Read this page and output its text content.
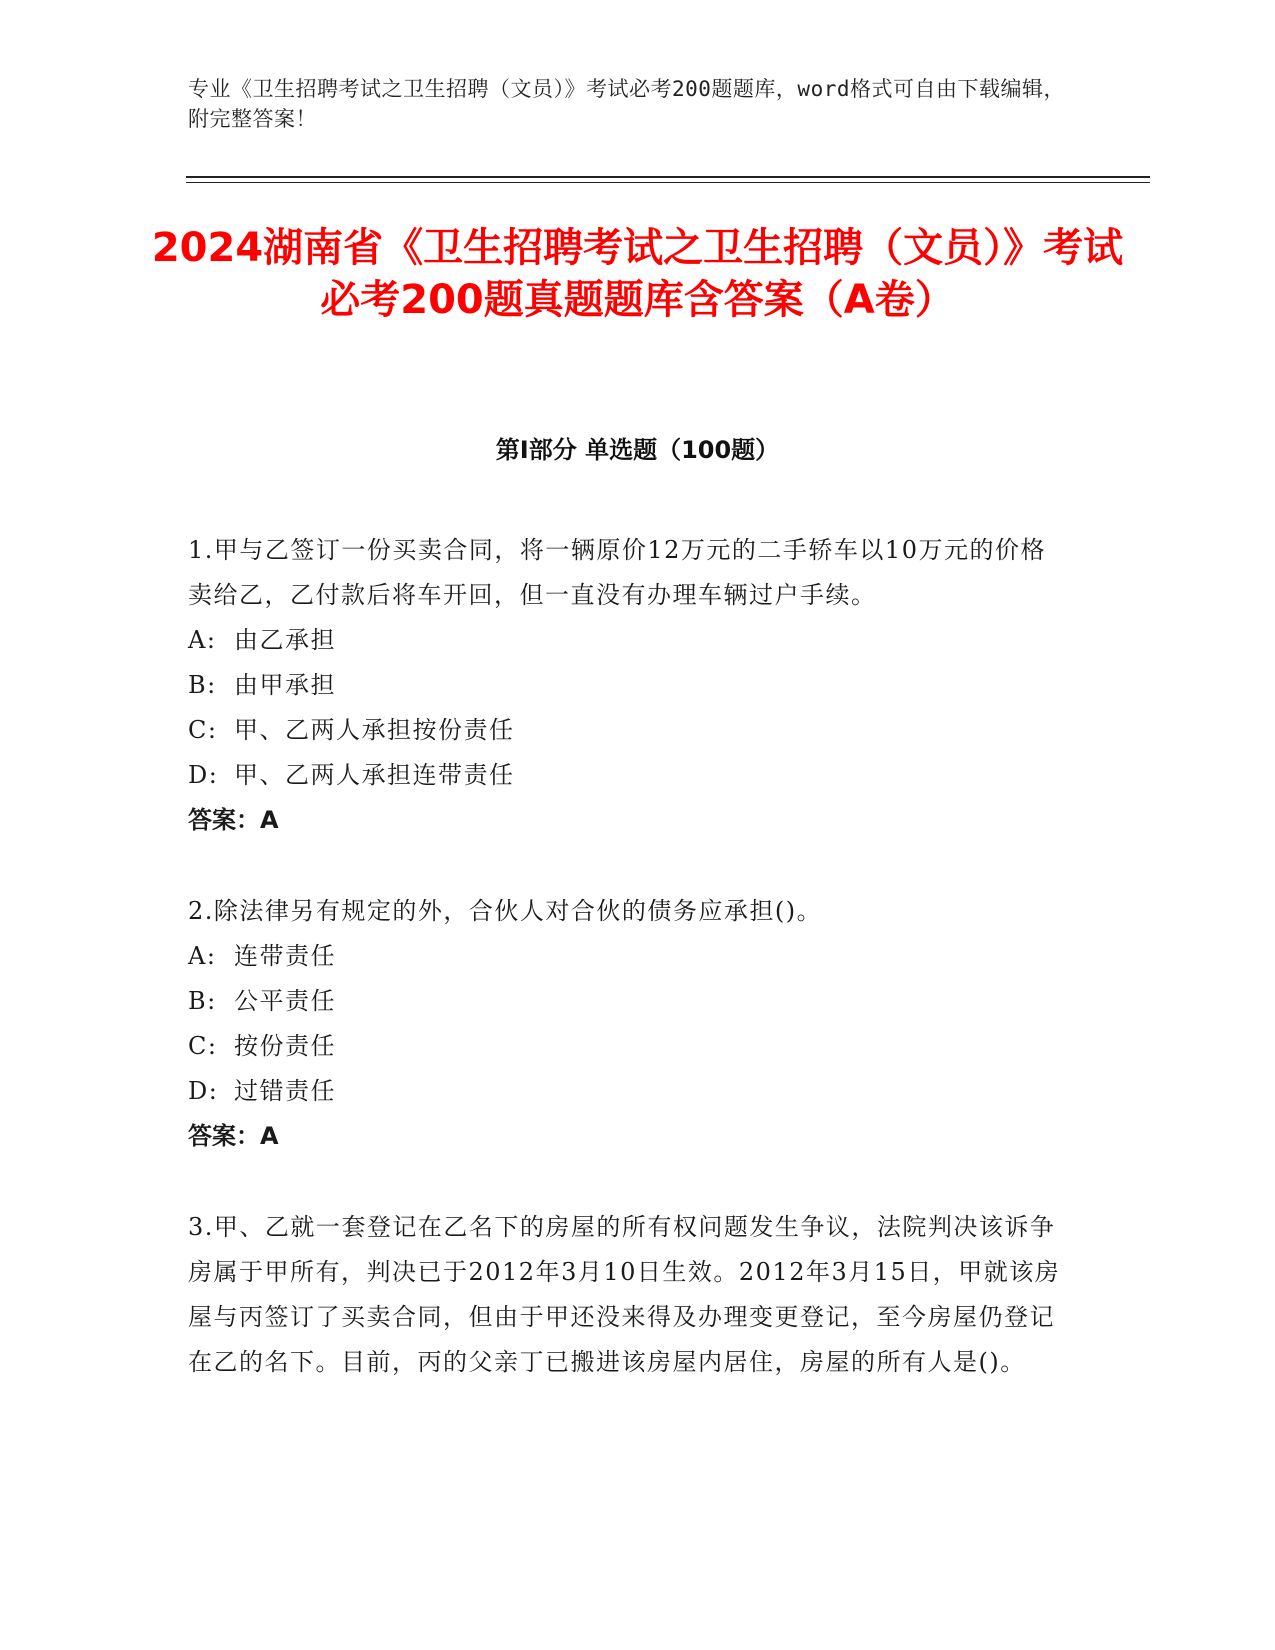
专业《卫生招聘考试之卫生招聘（文员）》考试必考200题题库，word格式可自由下载编辑，附完整答案！
2024湖南省《卫生招聘考试之卫生招聘（文员）》考试必考200题真题题库含答案（A卷）
第I部分 单选题（100题）
1.甲与乙签订一份买卖合同，将一辆原价12万元的二手轿车以10万元的价格卖给乙，乙付款后将车开回，但一直没有办理车辆过户手续。
A: 由乙承担
B: 由甲承担
C: 甲、乙两人承担按份责任
D: 甲、乙两人承担连带责任
答案：A
2.除法律另有规定的外，合伙人对合伙的债务应承担()。
A: 连带责任
B: 公平责任
C: 按份责任
D: 过错责任
答案：A
3.甲、乙就一套登记在乙名下的房屋的所有权问题发生争议，法院判决该诉争房属于甲所有，判决已于2012年3月10日生效。2012年3月15日，甲就该房屋与丙签订了买卖合同，但由于甲还没来得及办理变更登记，至今房屋仍登记在乙的名下。目前，丙的父亲丁已搬进该房屋内居住，房屋的所有人是()。
